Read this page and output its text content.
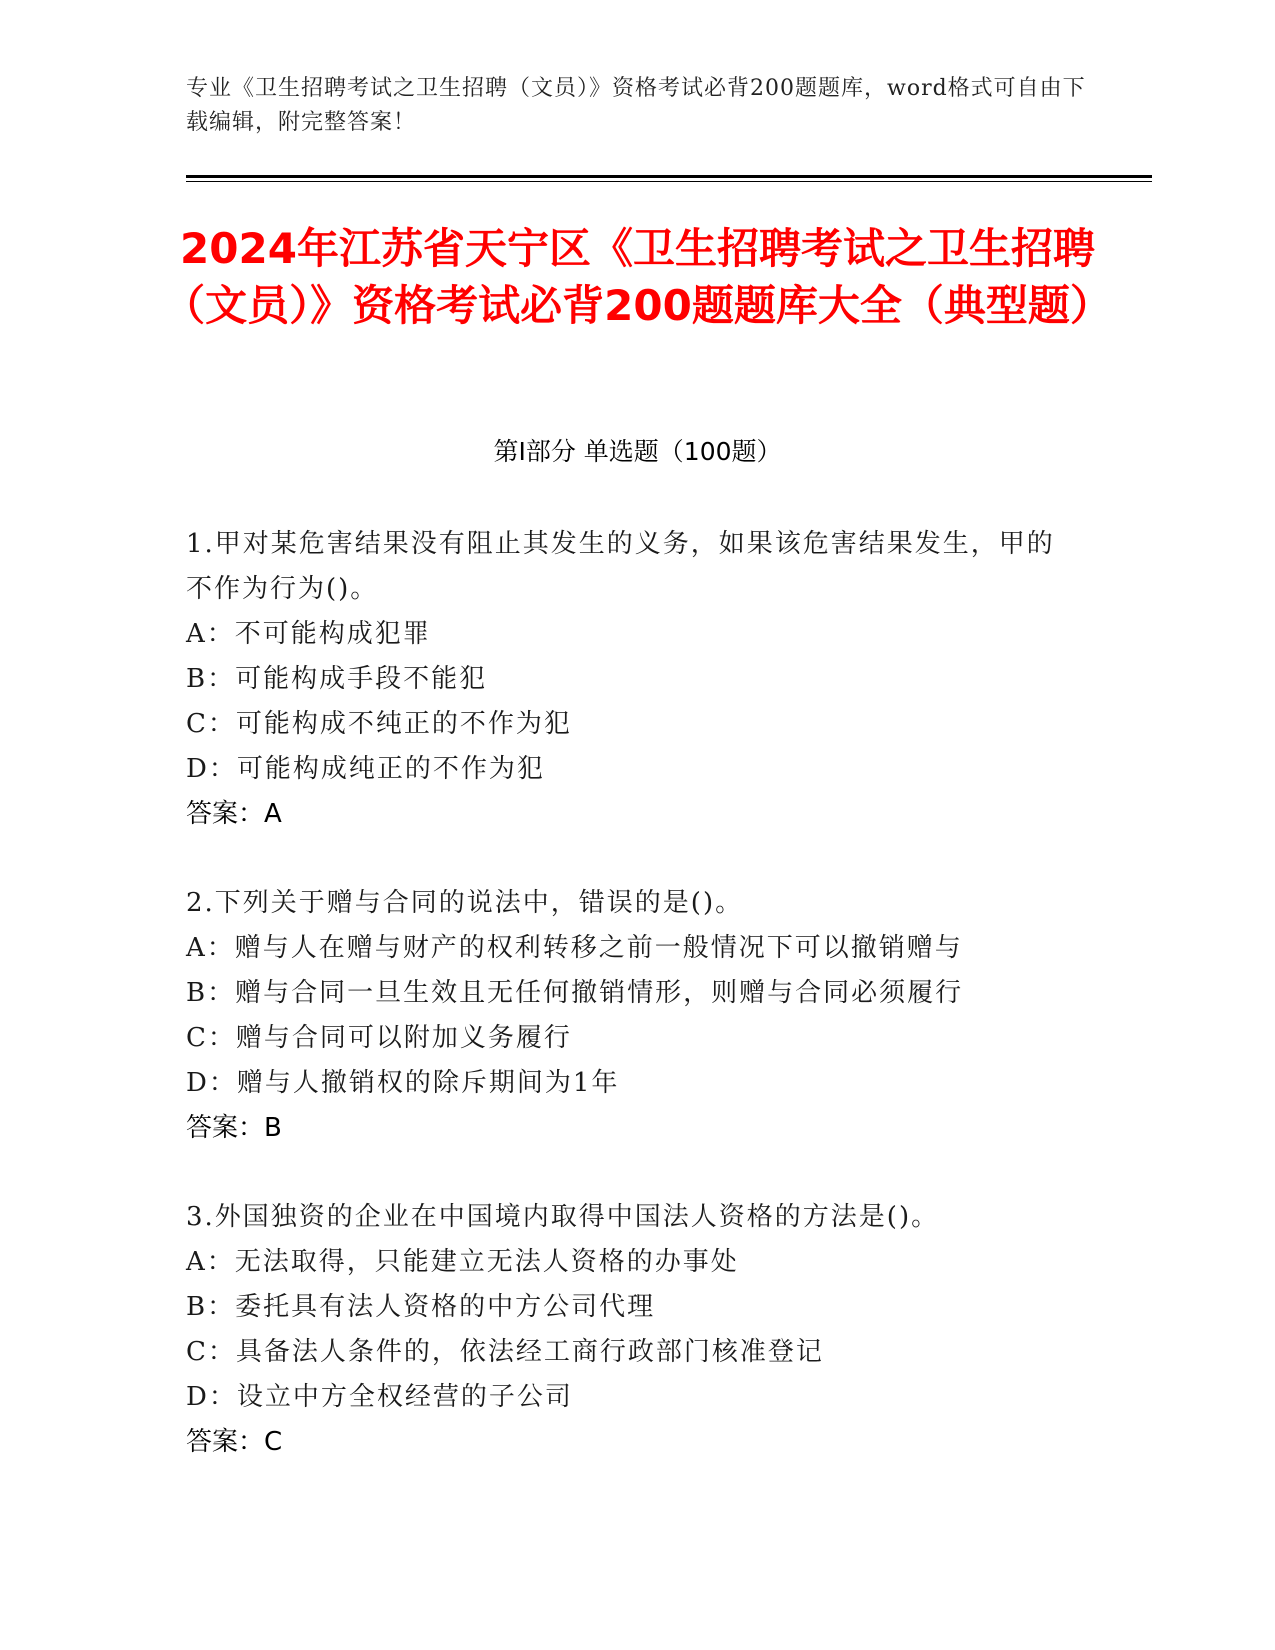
专业《卫生招聘考试之卫生招聘（文员）》资格考试必背200题题库，word格式可自由下载编辑，附完整答案！
2024年江苏省天宁区《卫生招聘考试之卫生招聘（文员）》资格考试必背200题题库大全（典型题）
第Ⅰ部分 单选题（100题）
1.甲对某危害结果没有阻止其发生的义务，如果该危害结果发生，甲的不作为行为()。
A：不可能构成犯罪
B：可能构成手段不能犯
C：可能构成不纯正的不作为犯
D：可能构成纯正的不作为犯
答案：A
2.下列关于赠与合同的说法中，错误的是()。
A：赠与人在赠与财产的权利转移之前一般情况下可以撤销赠与
B：赠与合同一旦生效且无任何撤销情形，则赠与合同必须履行
C：赠与合同可以附加义务履行
D：赠与人撤销权的除斥期间为1年
答案：B
3.外国独资的企业在中国境内取得中国法人资格的方法是()。
A：无法取得，只能建立无法人资格的办事处
B：委托具有法人资格的中方公司代理
C：具备法人条件的，依法经工商行政部门核准登记
D：设立中方全权经营的子公司
答案：C
